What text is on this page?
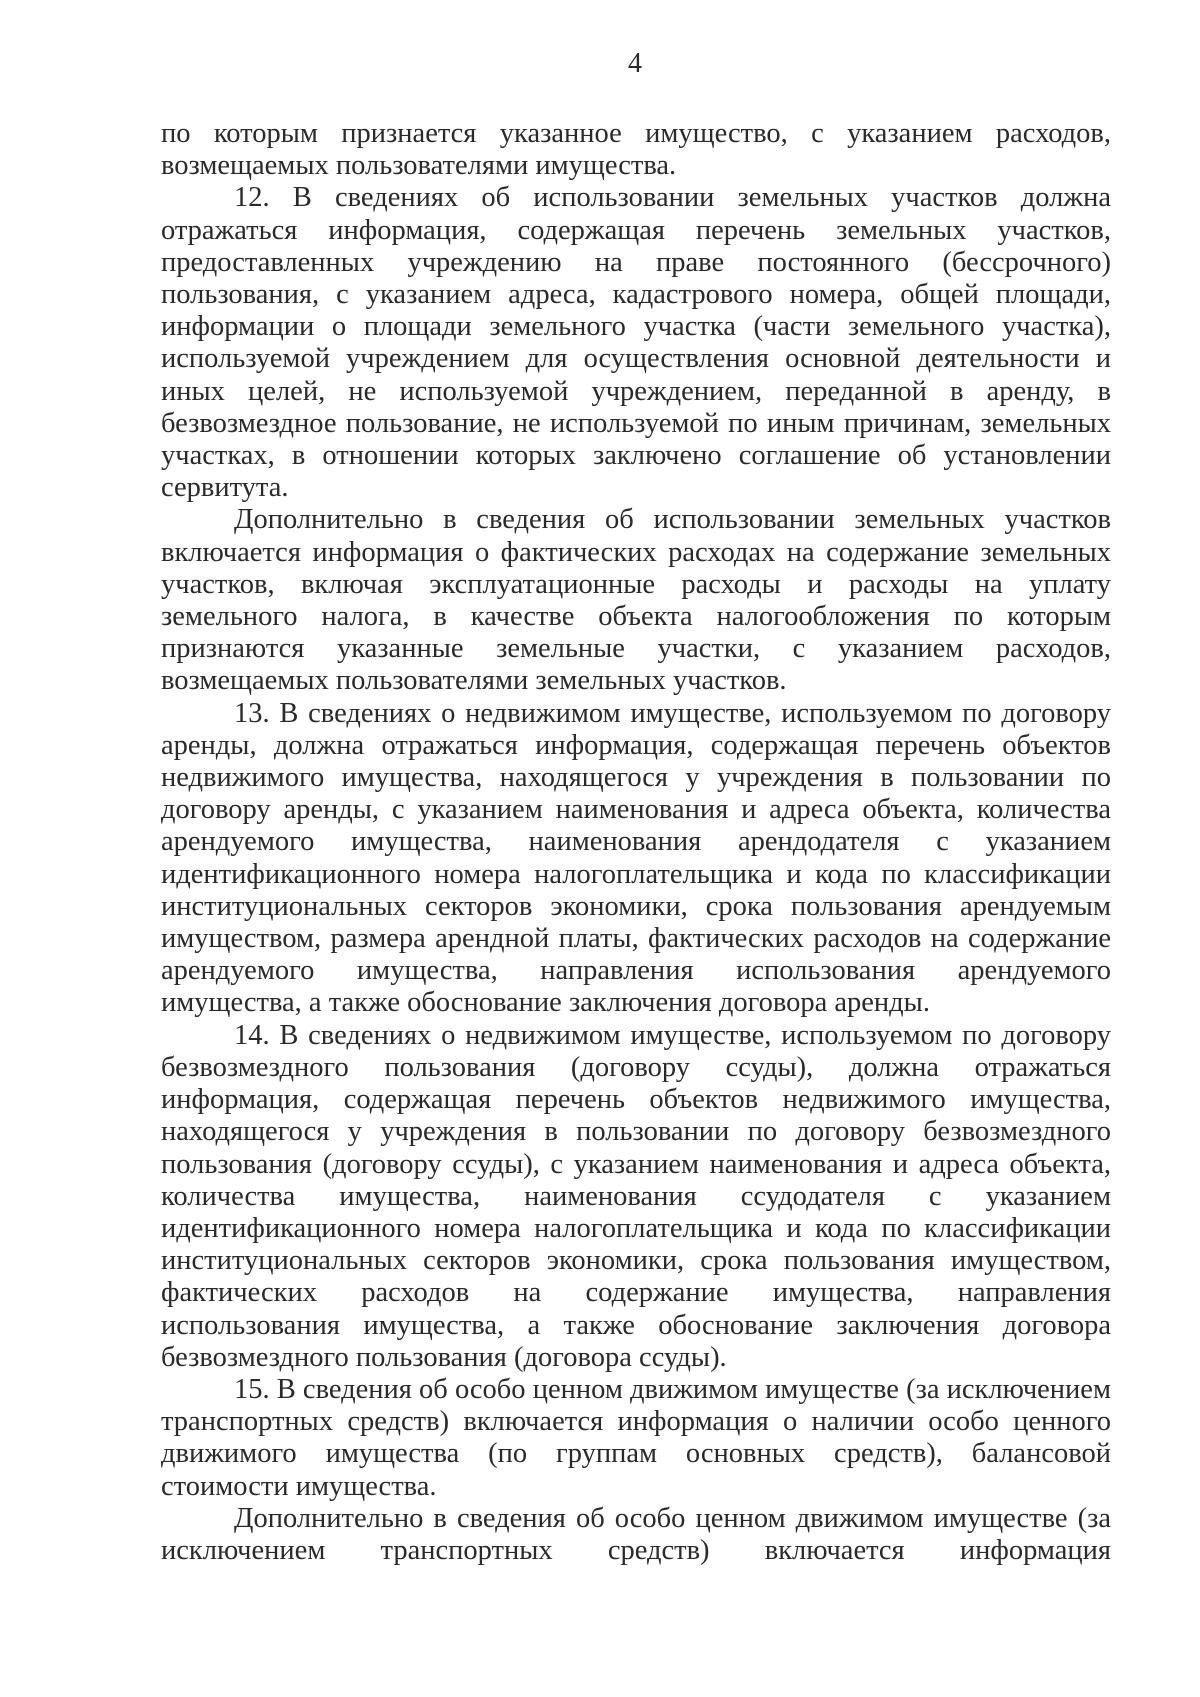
4

по которым признается указанное имущество, с указанием расходов, возмещаемых пользователями имущества.

12. В сведениях об использовании земельных участков должна отражаться информация, содержащая перечень земельных участков, предоставленных учреждению на праве постоянного (бессрочного) пользования, с указанием адреса, кадастрового номера, общей площади, информации о площади земельного участка (части земельного участка), используемой учреждением для осуществления основной деятельности и иных целей, не используемой учреждением, переданной в аренду, в безвозмездное пользование, не используемой по иным причинам, земельных участках, в отношении которых заключено соглашение об установлении сервитута.

Дополнительно в сведения об использовании земельных участков включается информация о фактических расходах на содержание земельных участков, включая эксплуатационные расходы и расходы на уплату земельного налога, в качестве объекта налогообложения по которым признаются указанные земельные участки, с указанием расходов, возмещаемых пользователями земельных участков.

13. В сведениях о недвижимом имуществе, используемом по договору аренды, должна отражаться информация, содержащая перечень объектов недвижимого имущества, находящегося у учреждения в пользовании по договору аренды, с указанием наименования и адреса объекта, количества арендуемого имущества, наименования арендодателя с указанием идентификационного номера налогоплательщика и кода по классификации институциональных секторов экономики, срока пользования арендуемым имуществом, размера арендной платы, фактических расходов на содержание арендуемого имущества, направления использования арендуемого имущества, а также обоснование заключения договора аренды.

14. В сведениях о недвижимом имуществе, используемом по договору безвозмездного пользования (договору ссуды), должна отражаться информация, содержащая перечень объектов недвижимого имущества, находящегося у учреждения в пользовании по договору безвозмездного пользования (договору ссуды), с указанием наименования и адреса объекта, количества имущества, наименования ссудодателя с указанием идентификационного номера налогоплательщика и кода по классификации институциональных секторов экономики, срока пользования имуществом, фактических расходов на содержание имущества, направления использования имущества, а также обоснование заключения договора безвозмездного пользования (договора ссуды).

15. В сведения об особо ценном движимом имуществе (за исключением транспортных средств) включается информация о наличии особо ценного движимого имущества (по группам основных средств), балансовой стоимости имущества.

Дополнительно в сведения об особо ценном движимом имуществе (за исключением транспортных средств) включается информация
